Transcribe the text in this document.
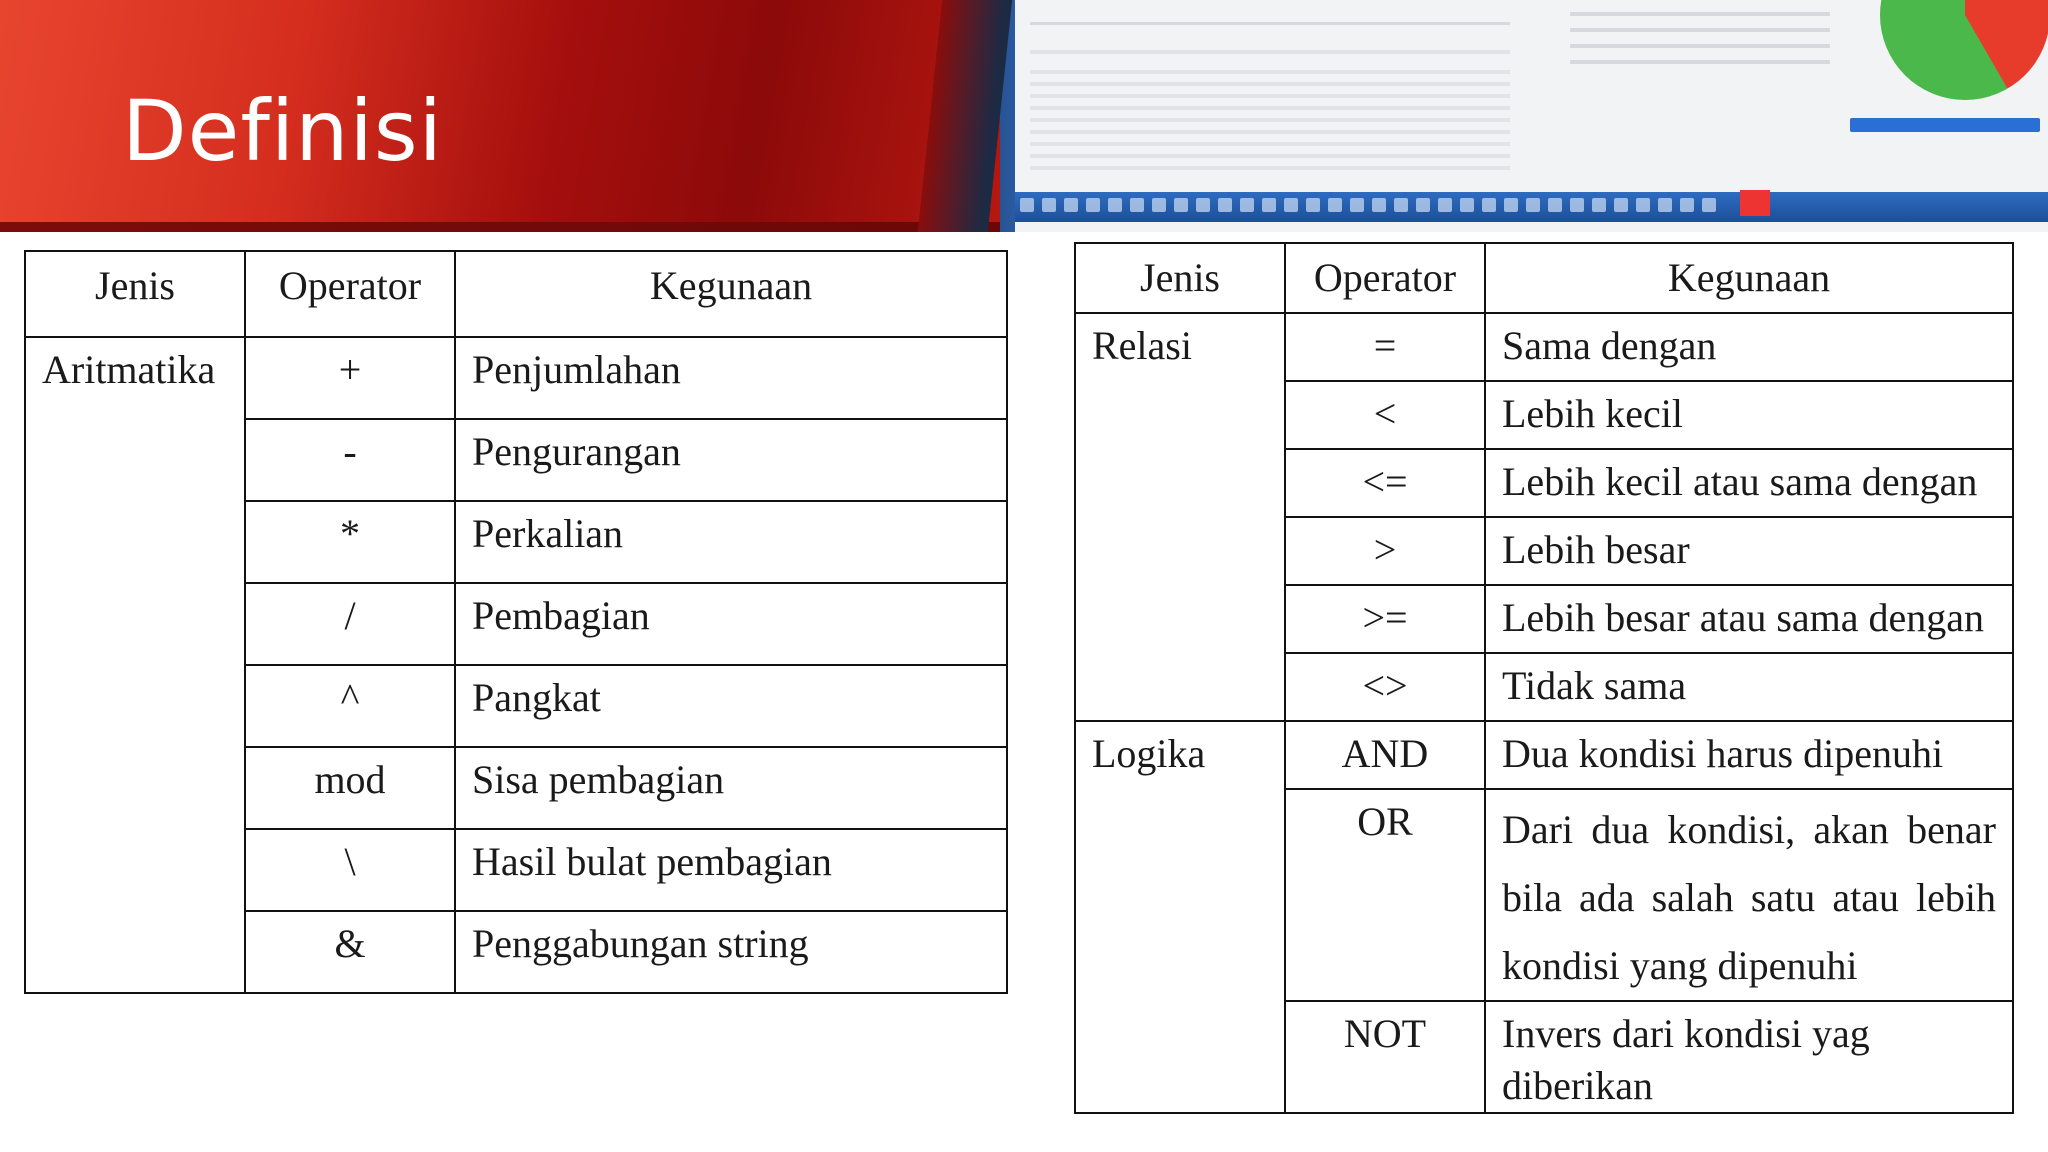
Definisi
Jenis	Operator	Kegunaan
Aritmatika	+	Penjumlahan
	-	Pengurangan
	*	Perkalian
	/	Pembagian
	^	Pangkat
	mod	Sisa pembagian
	\	Hasil bulat pembagian
	&	Penggabungan string
Jenis	Operator	Kegunaan
Relasi	=	Sama dengan
	<	Lebih kecil
	<=	Lebih kecil atau sama dengan
	>	Lebih besar
	>=	Lebih besar atau sama dengan
	<>	Tidak sama
Logika	AND	Dua kondisi harus dipenuhi
	OR	Dari dua kondisi, akan benar bila ada salah satu atau lebih kondisi yang dipenuhi
	NOT	Invers dari kondisi yag diberikan
